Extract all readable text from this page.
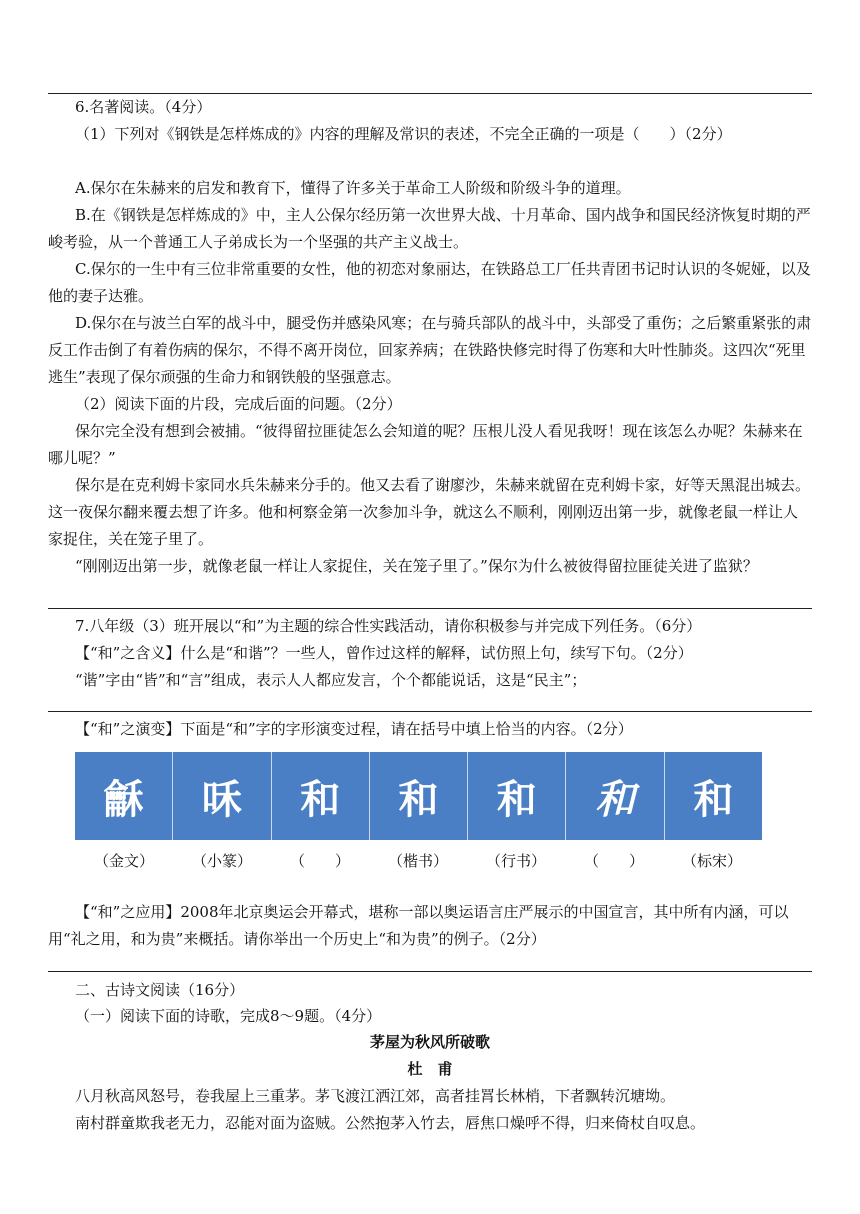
6.名著阅读。（4分）

（1）下列对《钢铁是怎样炼成的》内容的理解及常识的表述，不完全正确的一项是（　　）（2分）

A.保尔在朱赫来的启发和教育下，懂得了许多关于革命工人阶级和阶级斗争的道理。

B.在《钢铁是怎样炼成的》中，主人公保尔经历第一次世界大战、十月革命、国内战争和国民经济恢复时期的严峻考验，从一个普通工人子弟成长为一个坚强的共产主义战士。

C.保尔的一生中有三位非常重要的女性，他的初恋对象丽达，在铁路总工厂任共青团书记时认识的冬妮娅，以及他的妻子达雅。

D.保尔在与波兰白军的战斗中，腿受伤并感染风寒；在与骑兵部队的战斗中，头部受了重伤；之后繁重紧张的肃反工作击倒了有着伤病的保尔，不得不离开岗位，回家养病；在铁路快修完时得了伤寒和大叶性肺炎。这四次“死里逃生”表现了保尔顽强的生命力和钢铁般的坚强意志。

（2）阅读下面的片段，完成后面的问题。（2分）

保尔完全没有想到会被捕。“彼得留拉匪徒怎么会知道的呢？压根儿没人看见我呀！现在该怎么办呢？朱赫来在哪儿呢？”

保尔是在克利姆卡家同水兵朱赫来分手的。他又去看了谢廖沙，朱赫来就留在克利姆卡家，好等天黑混出城去。这一夜保尔翻来覆去想了许多。他和柯察金第一次参加斗争，就这么不顺利，刚刚迈出第一步，就像老鼠一样让人家捉住，关在笼子里了。

“刚刚迈出第一步，就像老鼠一样让人家捉住，关在笼子里了。”保尔为什么被彼得留拉匪徒关进了监狱？

7.八年级（3）班开展以“和”为主题的综合性实践活动，请你积极参与并完成下列任务。（6分）

【“和”之含义】什么是“和谐”？一些人，曾作过这样的解释，试仿照上句，续写下句。（2分）

“谐”字由“皆”和“言”组成，表示人人都应发言，个个都能说话，这是“民主”；

【“和”之演变】下面是“和”字的字形演变过程，请在括号中填上恰当的内容。（2分）

龢	咊	和	和	和	和	和
（金文）	（小篆）	（　　）	（楷书）	（行书）	（　　）	（标宋）

【“和”之应用】2008年北京奥运会开幕式，堪称一部以奥运语言庄严展示的中国宣言，其中所有内涵，可以用“礼之用，和为贵”来概括。请你举出一个历史上“和为贵”的例子。（2分）

二、古诗文阅读（16分）

（一）阅读下面的诗歌，完成8～9题。（4分）

茅屋为秋风所破歌

杜　甫

八月秋高风怒号，卷我屋上三重茅。茅飞渡江洒江郊，高者挂罥长林梢，下者飘转沉塘坳。

南村群童欺我老无力，忍能对面为盗贼。公然抱茅入竹去，唇焦口燥呼不得，归来倚杖自叹息。
